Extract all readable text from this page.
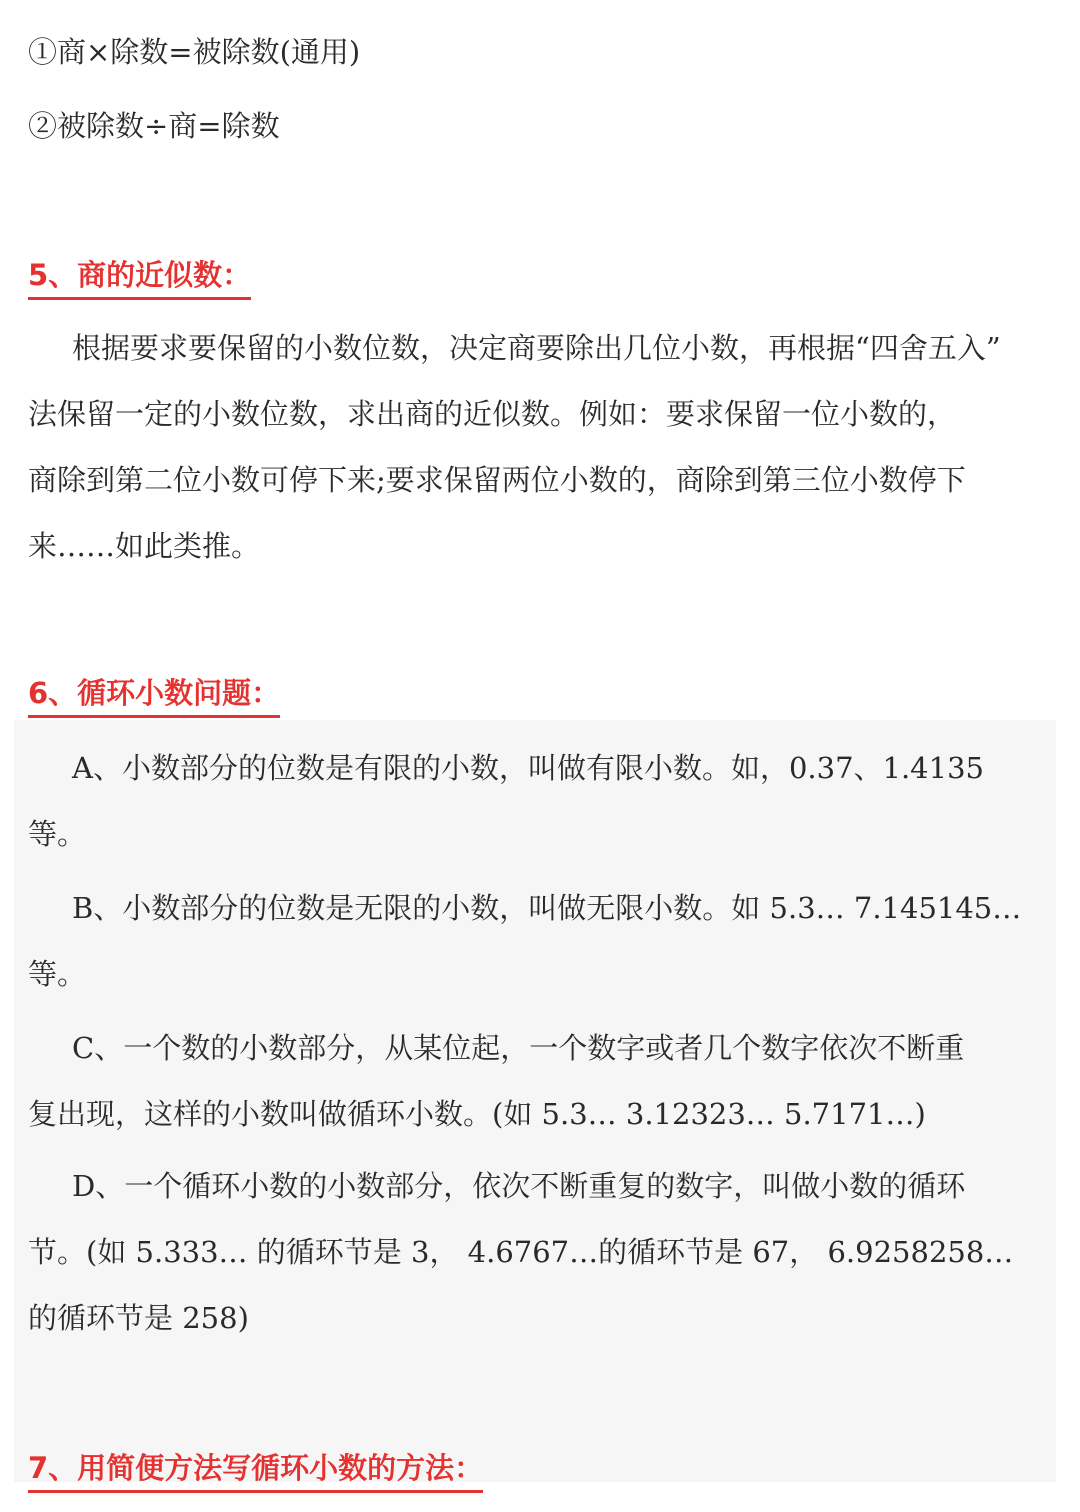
①商×除数=被除数(通用)
②被除数÷商=除数
5、商的近似数：
根据要求要保留的小数位数，决定商要除出几位小数，再根据“四舍五入”
法保留一定的小数位数，求出商的近似数。例如：要求保留一位小数的，
商除到第二位小数可停下来;要求保留两位小数的，商除到第三位小数停下
来……如此类推。
6、循环小数问题：
A、小数部分的位数是有限的小数，叫做有限小数。如，0.37、1.4135
等。
B、小数部分的位数是无限的小数，叫做无限小数。如 5.3… 7.145145…
等。
C、一个数的小数部分，从某位起，一个数字或者几个数字依次不断重
复出现，这样的小数叫做循环小数。(如 5.3… 3.12323… 5.7171…)
D、一个循环小数的小数部分，依次不断重复的数字，叫做小数的循环
节。(如 5.333… 的循环节是 3， 4.6767…的循环节是 67， 6.9258258…
的循环节是 258)
7、用简便方法写循环小数的方法：
